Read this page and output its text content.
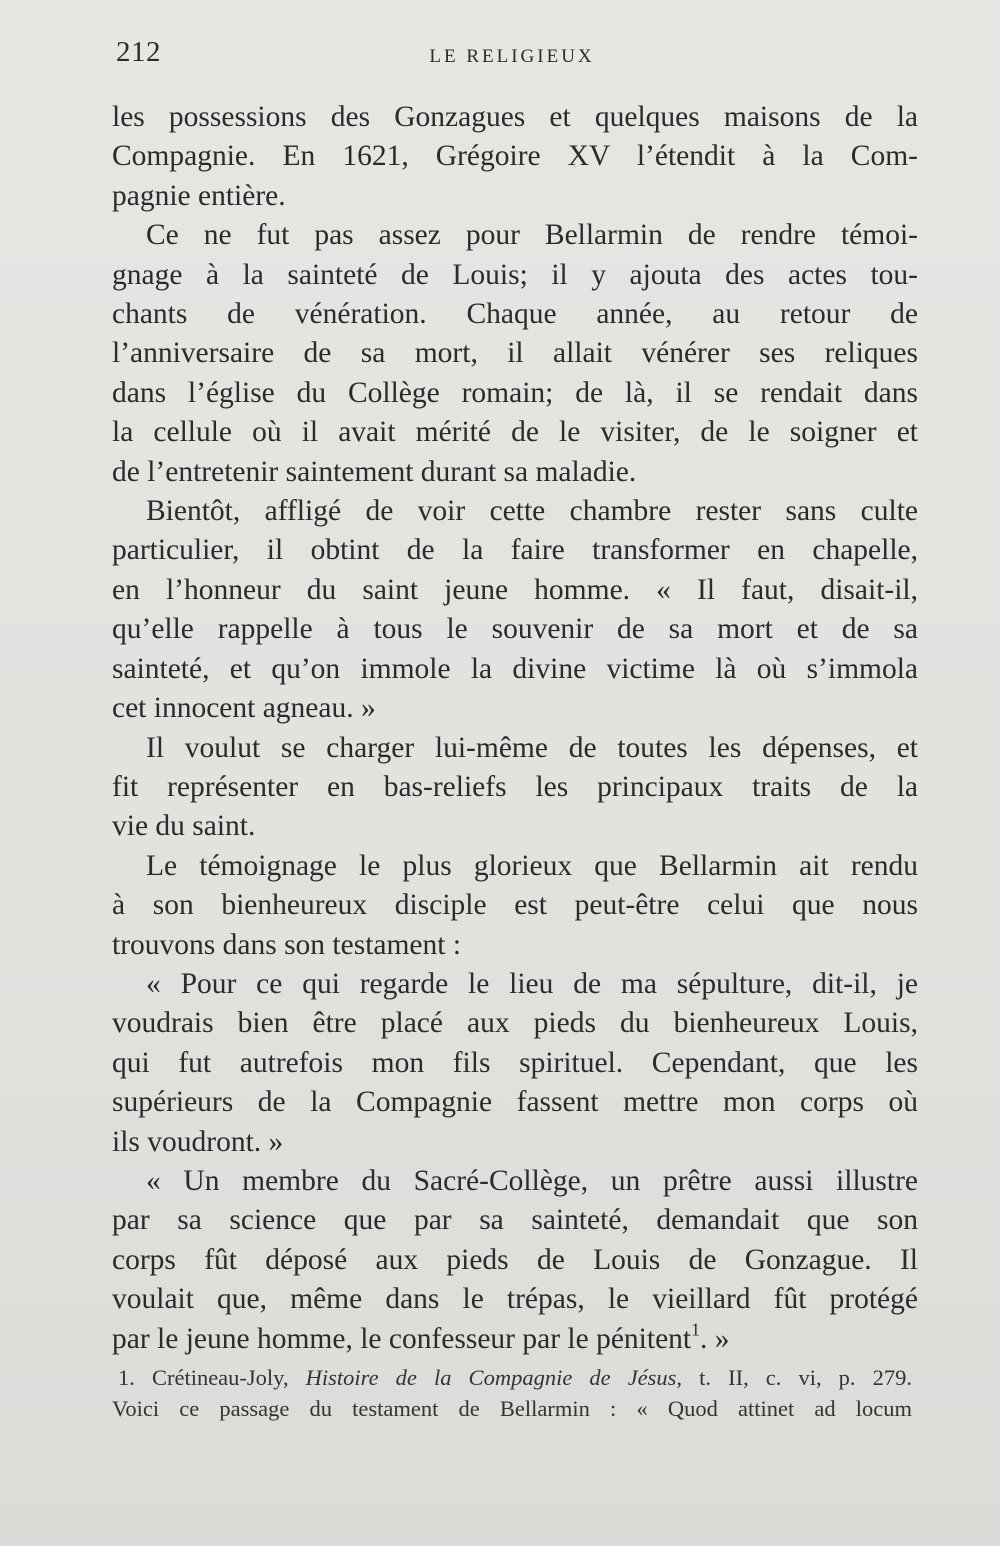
212	LE RELIGIEUX
les possessions des Gonzagues et quelques maisons de la
Compagnie. En 1621, Grégoire XV l’étendit à la Com-
pagnie entière.
Ce ne fut pas assez pour Bellarmin de rendre témoi-
gnage à la sainteté de Louis; il y ajouta des actes tou-
chants de vénération. Chaque année, au retour de
l’anniversaire de sa mort, il allait vénérer ses reliques
dans l’église du Collège romain; de là, il se rendait dans
la cellule où il avait mérité de le visiter, de le soigner et
de l’entretenir saintement durant sa maladie.
Bientôt, affligé de voir cette chambre rester sans culte
particulier, il obtint de la faire transformer en chapelle,
en l’honneur du saint jeune homme. « Il faut, disait-il,
qu’elle rappelle à tous le souvenir de sa mort et de sa
sainteté, et qu’on immole la divine victime là où s’immola
cet innocent agneau. »
Il voulut se charger lui-même de toutes les dépenses, et
fit représenter en bas-reliefs les principaux traits de la
vie du saint.
Le témoignage le plus glorieux que Bellarmin ait rendu
à son bienheureux disciple est peut-être celui que nous
trouvons dans son testament :
« Pour ce qui regarde le lieu de ma sépulture, dit-il, je
voudrais bien être placé aux pieds du bienheureux Louis,
qui fut autrefois mon fils spirituel. Cependant, que les
supérieurs de la Compagnie fassent mettre mon corps où
ils voudront. »
« Un membre du Sacré-Collège, un prêtre aussi illustre
par sa science que par sa sainteté, demandait que son
corps fût déposé aux pieds de Louis de Gonzague. Il
voulait que, même dans le trépas, le vieillard fût protégé
par le jeune homme, le confesseur par le pénitent$^1$. »
1. Crétineau-Joly, Histoire de la Compagnie de Jésus, t. II, c. vi, p. 279.
Voici ce passage du testament de Bellarmin : « Quod attinet ad locum
